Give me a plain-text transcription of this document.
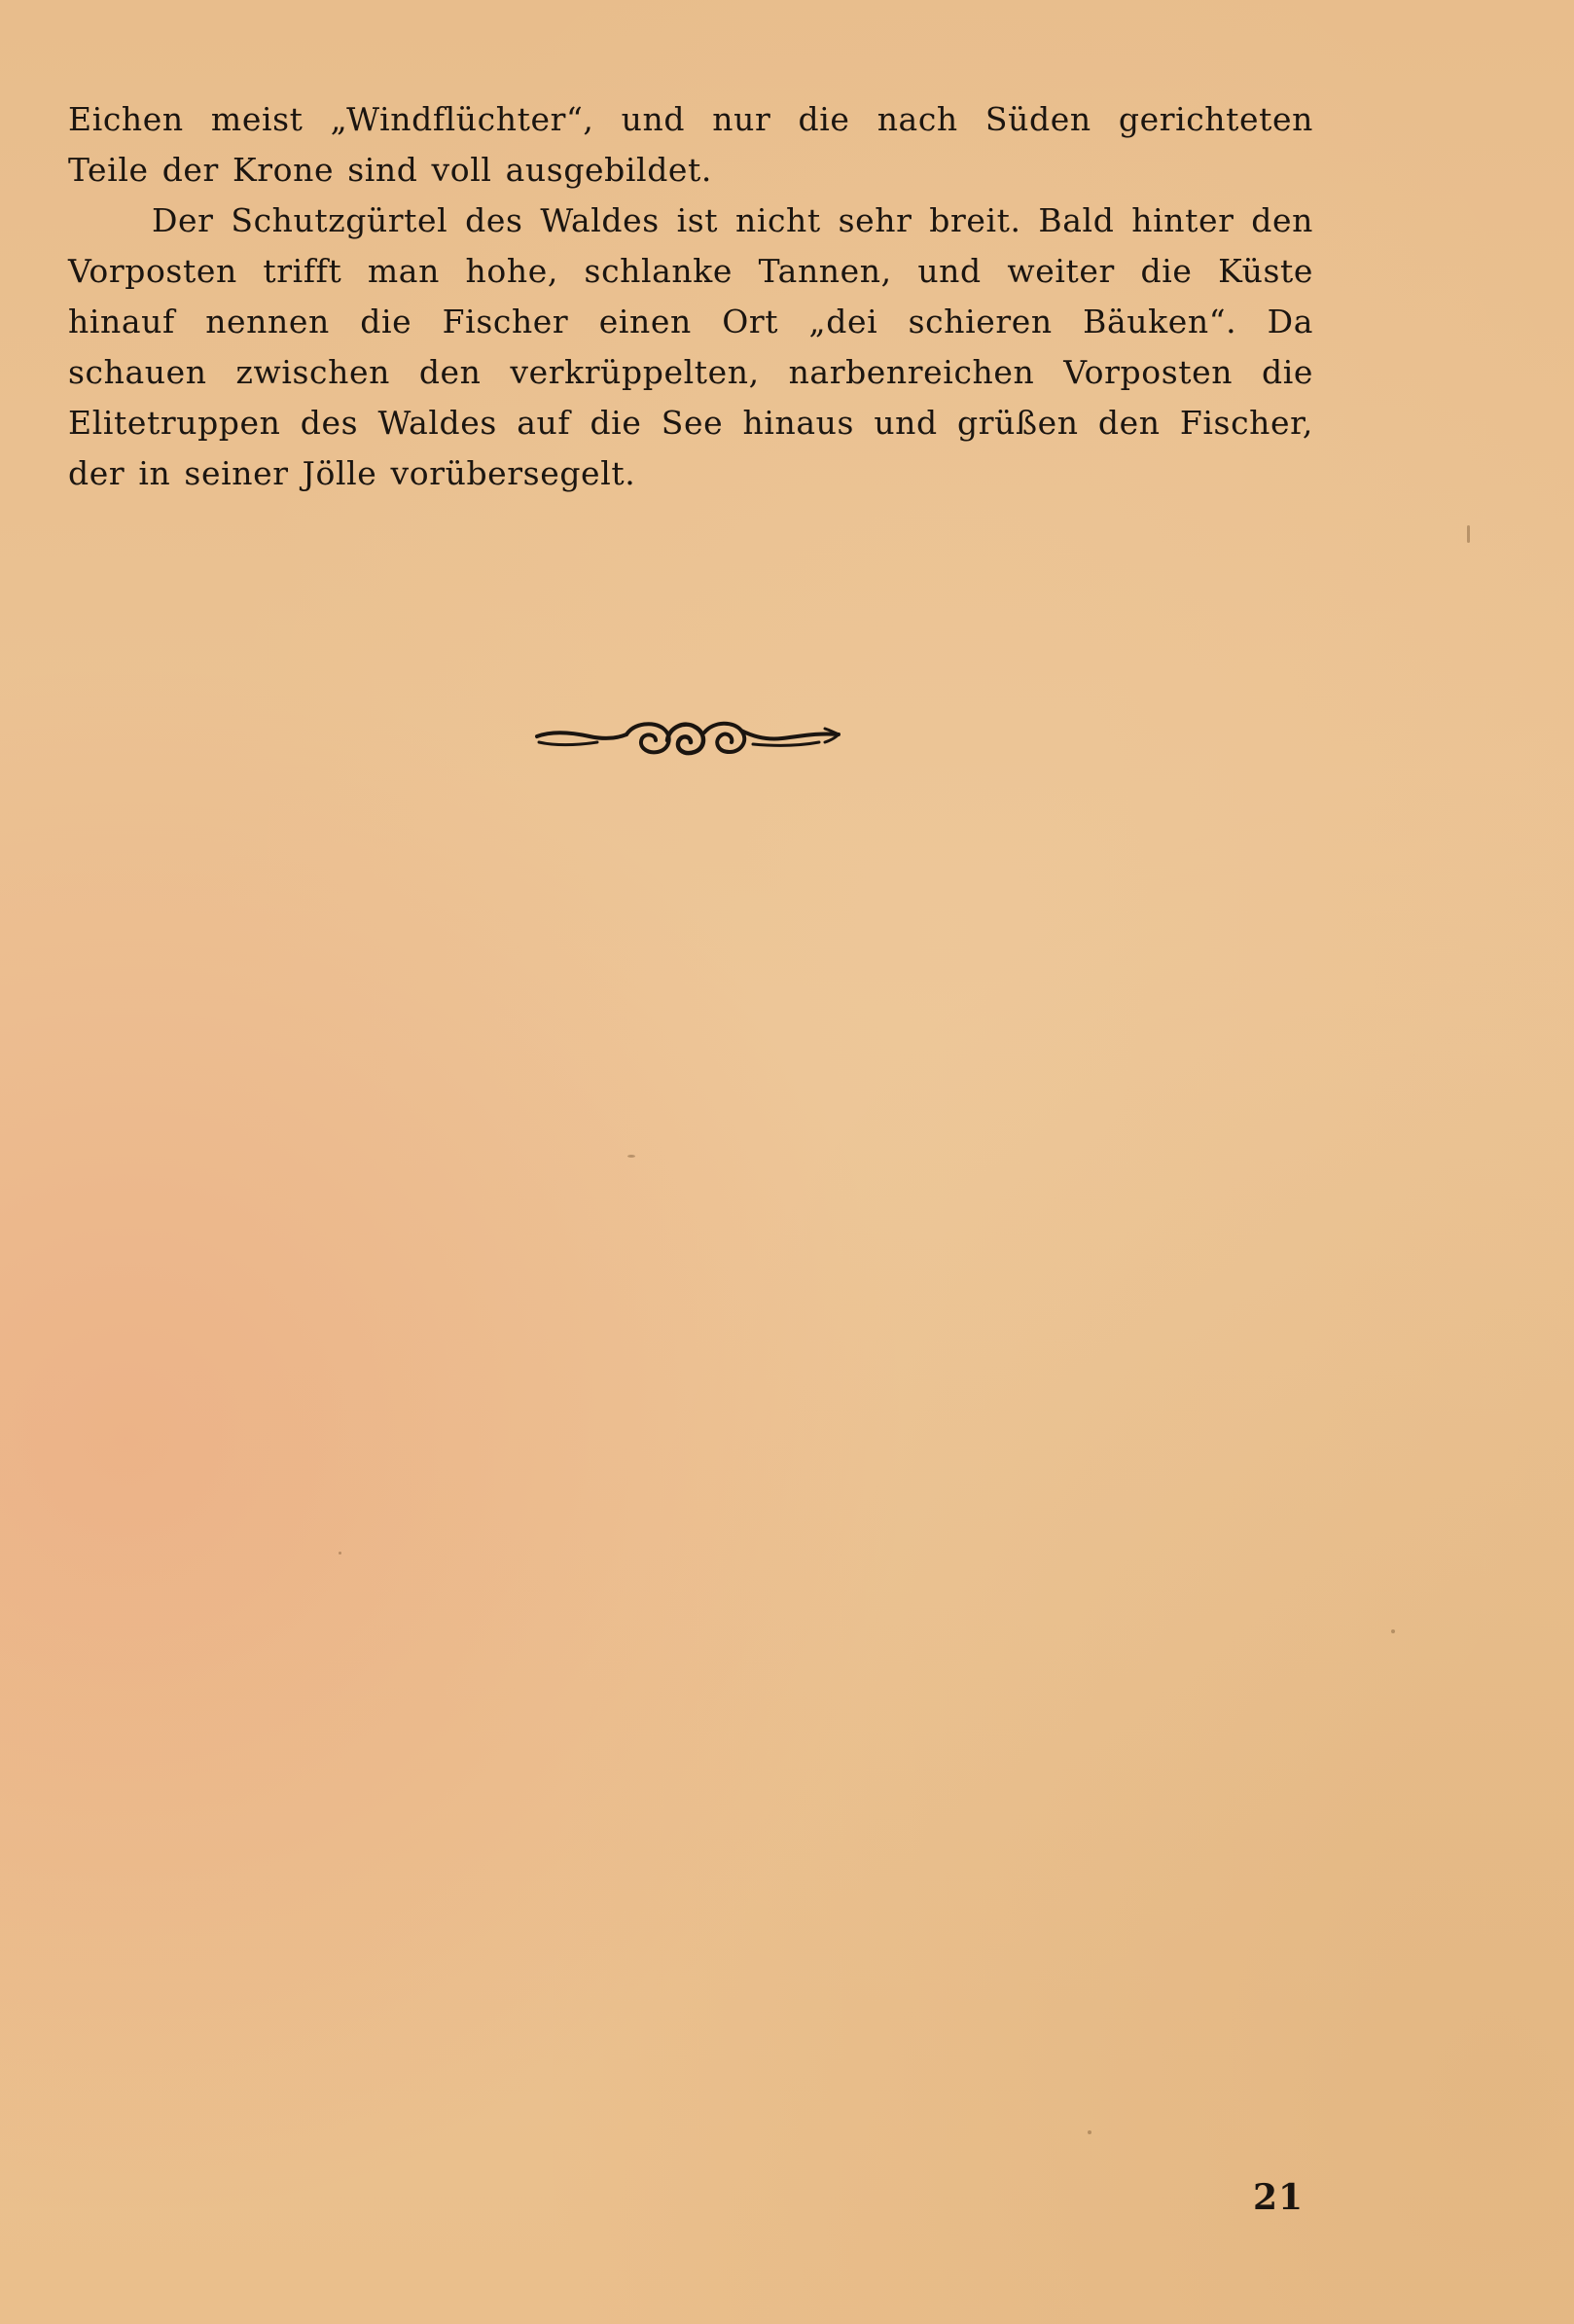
Eichen meist „Windflüchter“, und nur die nach Süden gerichteten
Teile der Krone sind voll ausgebildet.
Der Schutzgürtel des Waldes ist nicht sehr breit. Bald hinter den
Vorposten trifft man hohe, schlanke Tannen, und weiter die Küste
hinauf nennen die Fischer einen Ort „dei schieren Bäuken“. Da
schauen zwischen den verkrüppelten, narbenreichen Vorposten die
Elitetruppen des Waldes auf die See hinaus und grüßen den Fischer,
der in seiner Jölle vorübersegelt.
21
